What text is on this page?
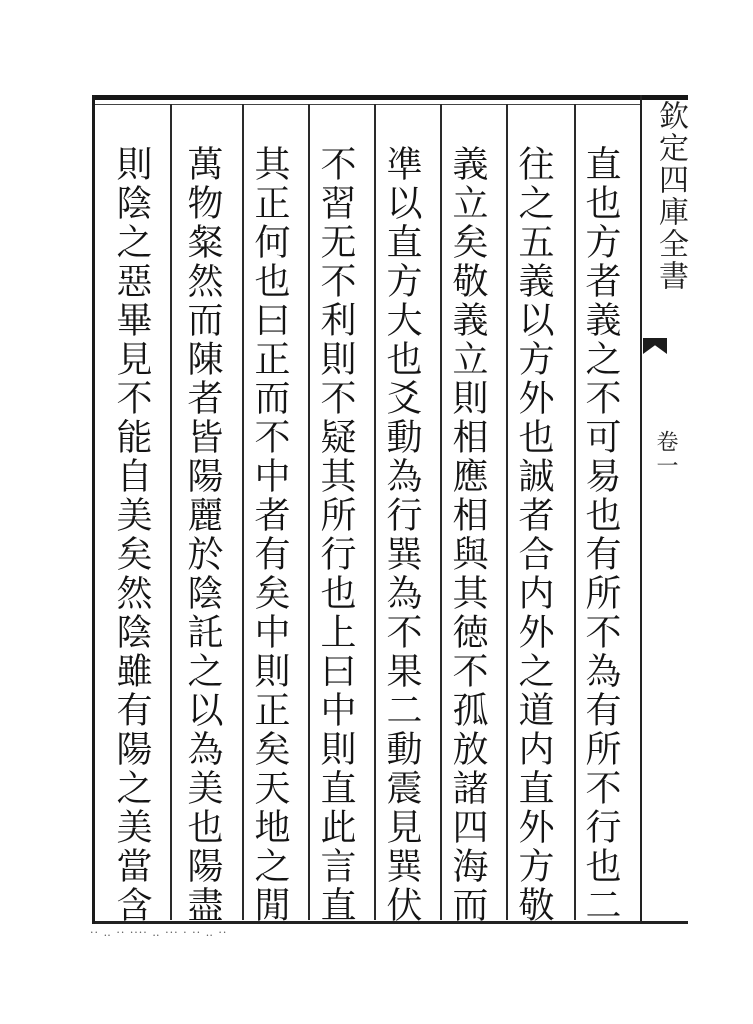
欽定四庫全書
卷一
直也方者義之不可易也有所不為有所不行也二
往之五義以方外也誠者合内外之道内直外方敬
義立矣敬義立則相應相與其徳不孤放諸四海而
凖以直方大也爻動為行巽為不果二動震見巽伏
不習无不利則不疑其所行也上曰中則直此言直
其正何也曰正而不中者有矣中則正矣天地之閒
萬物粲然而陳者皆陽麗於陰託之以為美也陽盡
則陰之惡畢見不能自美矣然陰雖有陽之美當含
·· ‥ ·· ···· ‥ ··· · ·· ‥ ··
